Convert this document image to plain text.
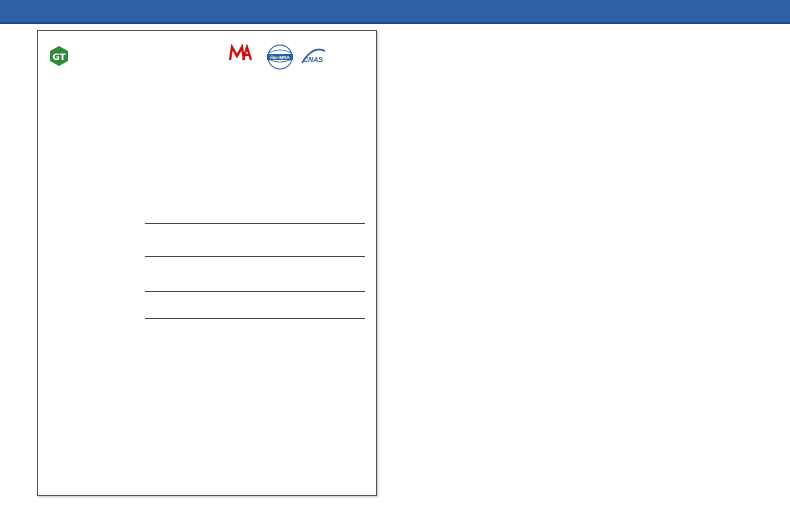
GT	ilac-MRA CNAS
